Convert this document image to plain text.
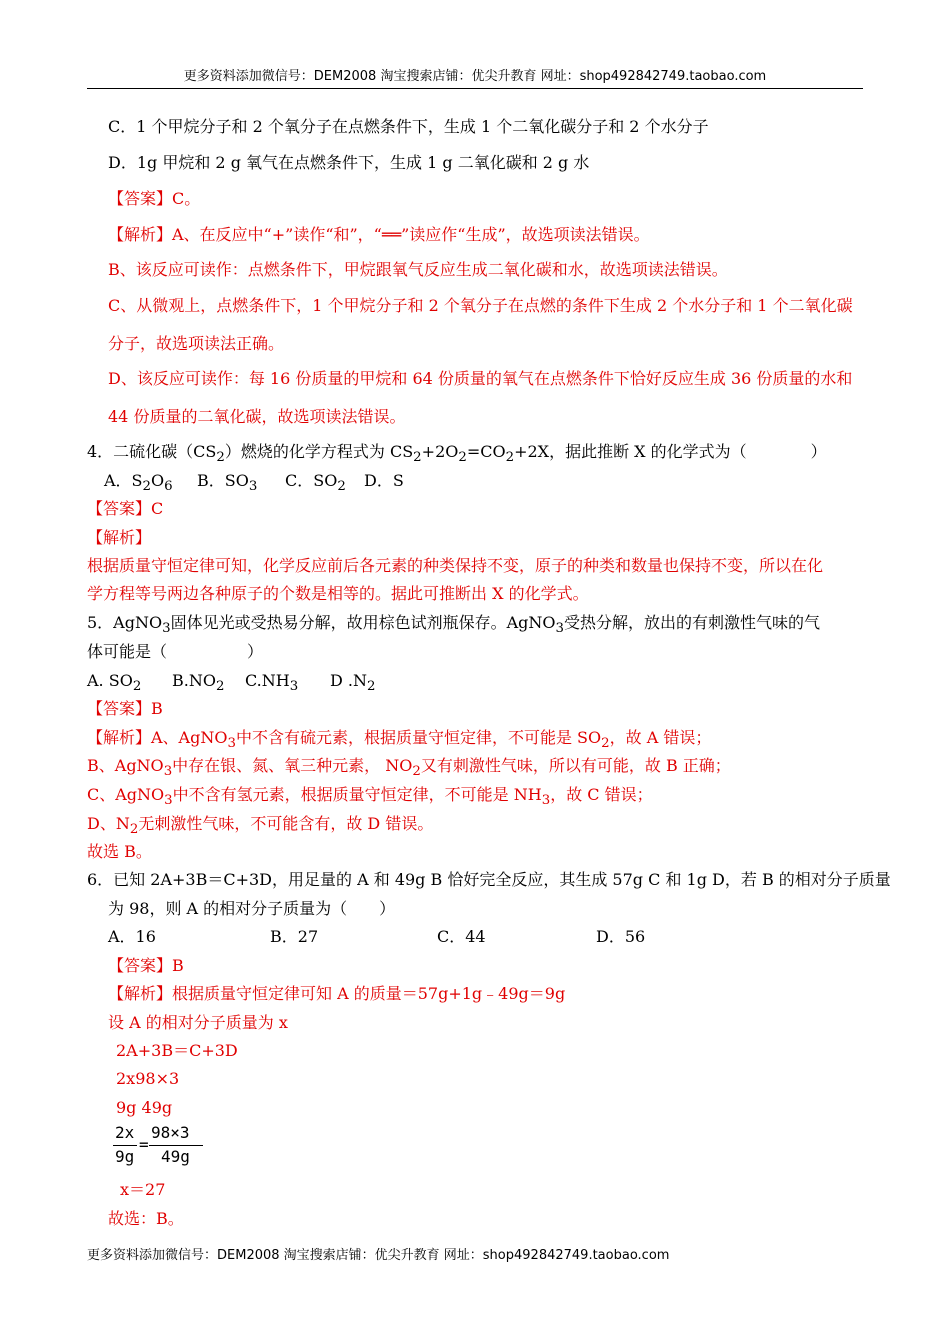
更多资料添加微信号：DEM2008 淘宝搜索店铺：优尖升教育 网址：shop492842749.taobao.com
C．1 个甲烷分子和 2 个氧分子在点燃条件下，生成 1 个二氧化碳分子和 2 个水分子
D．1g 甲烷和 2 g 氧气在点燃条件下，生成 1 g 二氧化碳和 2 g 水
【答案】C。
【解析】A、在反应中“+”读作“和”，“══”读应作“生成”，故选项读法错误。
B、该反应可读作：点燃条件下，甲烷跟氧气反应生成二氧化碳和水，故选项读法错误。
C、从微观上，点燃条件下，1 个甲烷分子和 2 个氧分子在点燃的条件下生成 2 个水分子和 1 个二氧化碳
分子，故选项读法正确。
D、该反应可读作：每 16 份质量的甲烷和 64 份质量的氧气在点燃条件下恰好反应生成 36 份质量的水和
44 份质量的二氧化碳，故选项读法错误。
4．二硫化碳$(CS_2)$燃烧的化学方程式为 $CS_2+2O_2=CO_2+2X$，据此推断 X 的化学式为（　　　　）
A．$S_2O_6$ B．$SO_3$ C．$SO_2$ D．S
【答案】C
【解析】
根据质量守恒定律可知，化学反应前后各元素的种类保持不变，原子的种类和数量也保持不变，所以在化
学方程等号两边各种原子的个数是相等的。据此可推断出 X 的化学式。
5．AgNO$_3$固体见光或受热易分解，故用棕色试剂瓶保存。AgNO$_3$受热分解，放出的有刺激性气味的气
体可能是（　　　　　）
A. $SO_2$ $B.NO_2$ $C.NH_3$ D $.N_2$
【答案】B
【解析】A、AgNO$_3$中不含有硫元素，根据质量守恒定律，不可能是 $SO_2$，故 A 错误；
B、AgNO$_3$中存在银、氮、氧三种元素， $NO_2$又有刺激性气味，所以有可能，故 B 正确；
C、AgNO$_3$中不含有氢元素，根据质量守恒定律，不可能是 $NH_3$，故 C 错误；
D、$N_2$无刺激性气味，不可能含有，故 D 错误。
故选 B。
6．已知 2A+3B＝C+3D，用足量的 A 和 49g B 恰好完全反应，其生成 57g C 和 1g D，若 B 的相对分子质量
为 98，则 A 的相对分子质量为（　　）
A．16	B．27	C．44	D．56
【答案】B
【解析】根据质量守恒定律可知 A 的质量＝57g+1g﹣49g＝9g
设 A 的相对分子质量为 x
2A+3B＝C+3D
2x98×3
9g 49g
2x
9g
=
98×3
49g
x＝27
故选：B。
更多资料添加微信号：DEM2008 淘宝搜索店铺：优尖升教育 网址：shop492842749.taobao.com
